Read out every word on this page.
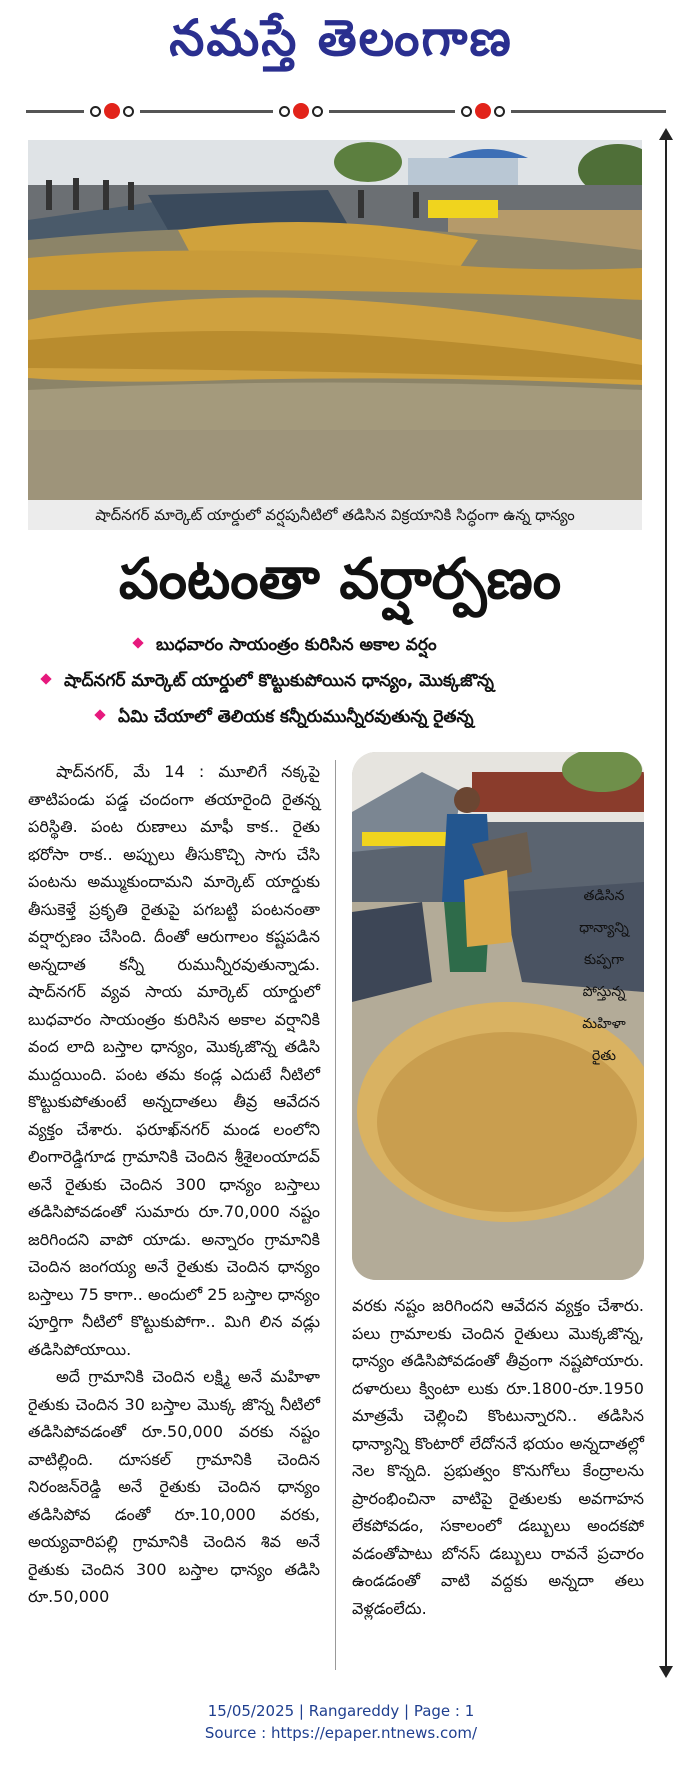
నమస్తే తెలంగాణ
షాద్‌నగర్ మార్కెట్ యార్డులో వర్షపునీటిలో తడిసిన విక్రయానికి సిద్ధంగా ఉన్న ధాన్యం
పంటంతా వర్షార్పణం
బుధవారం సాయంత్రం కురిసిన అకాల వర్షం
షాద్‌నగర్ మార్కెట్ యార్డులో కొట్టుకుపోయిన ధాన్యం, మొక్కజొన్న
ఏమి చేయాలో తెలియక కన్నీరుమున్నీరవుతున్న రైతన్న

షాద్‌నగర్, మే 14 : మూలిగే నక్కపై తాటిపండు పడ్డ చందంగా తయారైంది రైతన్న పరిస్థితి. పంట రుణాలు మాఫీ కాక.. రైతు భరోసా రాక.. అప్పులు తీసుకొచ్చి సాగు చేసి పంటను అమ్ముకుందామని మార్కెట్ యార్డుకు తీసుకెళ్తే ప్రకృతి రైతుపై పగబట్టి పంటనంతా వర్షార్పణం చేసింది. దీంతో ఆరుగాలం కష్టపడిన అన్నదాత కన్నీ రుమున్నీరవుతున్నాడు. షాద్‌నగర్ వ్యవ సాయ మార్కెట్ యార్డులో బుధవారం సాయంత్రం కురిసిన అకాల వర్షానికి వంద లాది బస్తాల ధాన్యం, మొక్కజొన్న తడిసి ముద్దయింది. పంట తమ కండ్ల ఎదుటే నీటిలో కొట్టుకుపోతుంటే అన్నదాతలు తీవ్ర ఆవేదన వ్యక్తం చేశారు. ఫరూఖ్‌నగర్ మండ లంలోని లింగారెడ్డిగూడ గ్రామానికి చెందిన శ్రీశైలంయాదవ్ అనే రైతుకు చెందిన 300 ధాన్యం బస్తాలు తడిసిపోవడంతో సుమారు రూ.70,000 నష్టం జరిగిందని వాపో యాడు. అన్నారం గ్రామానికి చెందిన జంగయ్య అనే రైతుకు చెందిన ధాన్యం బస్తాలు 75 కాగా.. అందులో 25 బస్తాల ధాన్యం పూర్తిగా నీటిలో కొట్టుకుపోగా.. మిగి లిన వడ్లు తడిసిపోయాయి.

అదే గ్రామానికి చెందిన లక్ష్మి అనే మహిళా రైతుకు చెందిన 30 బస్తాల మొక్క జొన్న నీటిలో తడిసిపోవడంతో రూ.50,000 వరకు నష్టం వాటిల్లింది. దూసకల్ గ్రామానికి చెందిన నిరంజన్‌రెడ్డి అనే రైతుకు చెందిన ధాన్యం తడిసిపోవ డంతో రూ.10,000 వరకు, అయ్యవారిపల్లి గ్రామానికి చెందిన శివ అనే రైతుకు చెందిన 300 బస్తాల ధాన్యం తడిసి రూ.50,000

తడిసిన
ధాన్యాన్ని
కుప్పగా
పోస్తున్న
మహిళా
రైతు

వరకు నష్టం జరిగిందని ఆవేదన వ్యక్తం చేశారు. పలు గ్రామాలకు చెందిన రైతులు మొక్కజొన్న, ధాన్యం తడిసిపోవడంతో తీవ్రంగా నష్టపోయారు. దళారులు క్వింటా లుకు రూ.1800-రూ.1950 మాత్రమే చెల్లించి కొంటున్నారని.. తడిసిన ధాన్యాన్ని కొంటారో లేదోననే భయం అన్నదాతల్లో నెల కొన్నది. ప్రభుత్వం కొనుగోలు కేంద్రాలను ప్రారంభించినా వాటిపై రైతులకు అవగాహన లేకపోవడం, సకాలంలో డబ్బులు అందకపో వడంతోపాటు బోనస్ డబ్బులు రావనే ప్రచారం ఉండడంతో వాటి వద్దకు అన్నదా తలు వెళ్లడంలేదు.

15/05/2025 | Rangareddy | Page : 1
Source : https://epaper.ntnews.com/
